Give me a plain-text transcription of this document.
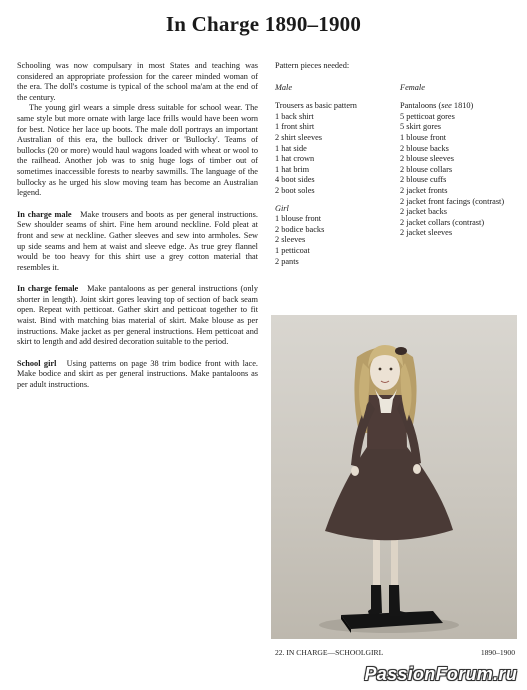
In Charge 1890–1900

Schooling was now compulsary in most States and teaching was considered an appropriate profession for the career minded woman of the era. The doll's costume is typical of the school ma'am at the end of the century.

The young girl wears a simple dress suitable for school wear. The same style but more ornate with large lace frills would have been worn for best. Notice her lace up boots. The male doll portrays an important Australian of this era, the bullock driver or 'Bullocky'. Teams of bullocks (20 or more) would haul wagons loaded with wheat or wool to the railhead. Another job was to snig huge logs of timber out of sometimes inaccessible forests to nearby sawmills. The language of the bullocky as he urged his slow moving team has become an Australian legend.

In charge male Make trousers and boots as per general instructions. Sew shoulder seams of shirt. Fine hem around neckline. Fold pleat at front and sew at neckline. Gather sleeves and sew into armholes. Sew up side seams and hem at waist and sleeve edge. As true grey flannel would be too heavy for this shirt use a grey cotton material that resembles it.

In charge female Make pantaloons as per general instructions (only shorter in length). Joint skirt gores leaving top of section of back seam open. Repeat with petticoat. Gather skirt and petticoat together to fit waist. Bind with matching bias material of skirt. Make blouse as per instructions. Make jacket as per general instructions. Hem petticoat and skirt to length and add desired decoration suitable to the period.

School girl Using patterns on page 38 trim bodice front with lace. Make bodice and skirt as per general instructions. Make pantaloons as per adult instructions.

Pattern pieces needed:

Male
Trousers as basic pattern
1 back shirt
1 front shirt
2 shirt sleeves
1 hat side
1 hat crown
1 hat brim
4 boot sides
2 boot soles
Girl
1 blouse front
2 bodice backs
2 sleeves
1 petticoat
2 pants
Female
Pantaloons (see 1810)
5 petticoat gores
5 skirt gores
1 blouse front
2 blouse backs
2 blouse sleeves
2 blouse collars
2 blouse cuffs
2 jacket fronts
2 jacket front facings (contrast)
2 jacket backs
2 jacket collars (contrast)
2 jacket sleeves
22. IN CHARGE—SCHOOLGIRL	1890–1900
PassionForum.ru
